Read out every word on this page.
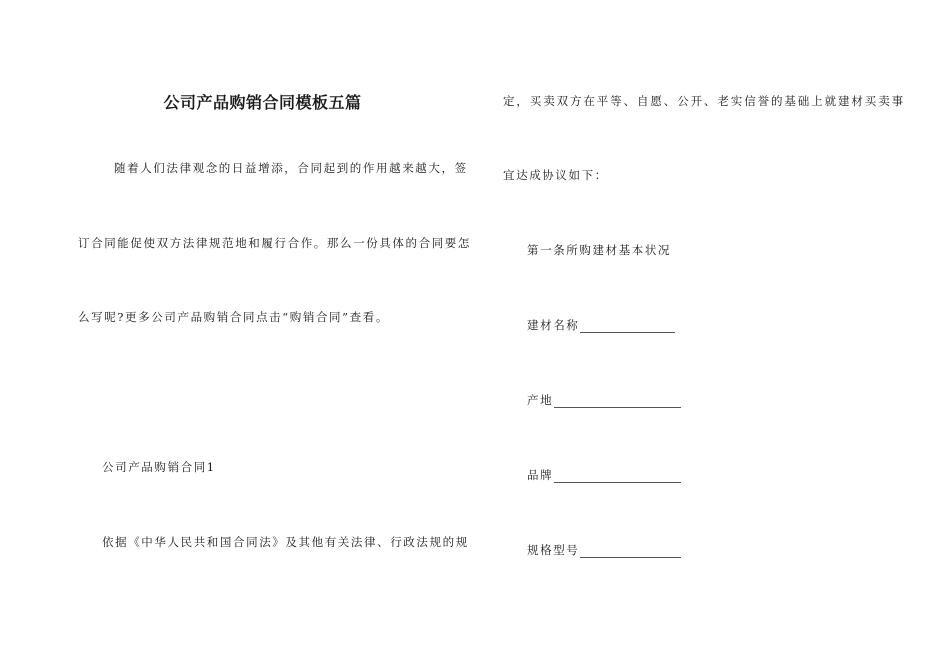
公司产品购销合同模板五篇
随着人们法律观念的日益增添，合同起到的作用越来越大，签
订合同能促使双方法律规范地和履行合作。那么一份具体的合同要怎
么写呢?更多公司产品购销合同点击“购销合同”查看。
公司产品购销合同1
依据《中华人民共和国合同法》及其他有关法律、行政法规的规
定，买卖双方在平等、自愿、公开、老实信誉的基础上就建材买卖事
宜达成协议如下：
第一条所购建材基本状况
建材名称
产地
品牌
规格型号
